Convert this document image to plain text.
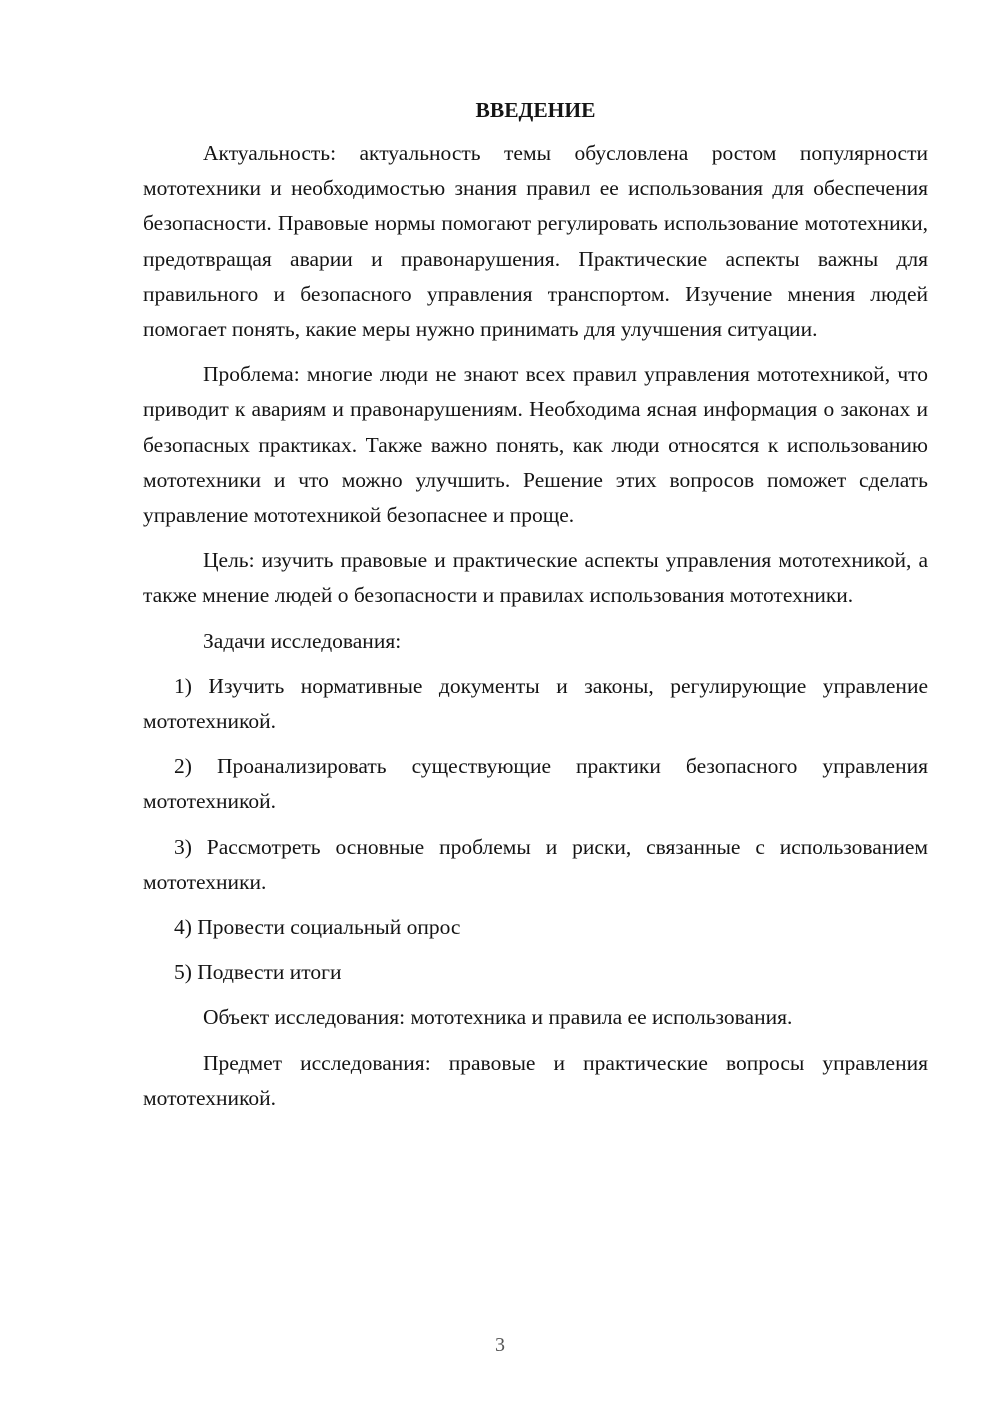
ВВЕДЕНИЕ
Актуальность: актуальность темы обусловлена ростом популярности мототехники и необходимостью знания правил ее использования для обеспечения безопасности. Правовые нормы помогают регулировать использование мототехники, предотвращая аварии и правонарушения. Практические аспекты важны для правильного и безопасного управления транспортом. Изучение мнения людей помогает понять, какие меры нужно принимать для улучшения ситуации.
Проблема: многие люди не знают всех правил управления мототехникой, что приводит к авариям и правонарушениям. Необходима ясная информация о законах и безопасных практиках. Также важно понять, как люди относятся к использованию мототехники и что можно улучшить. Решение этих вопросов поможет сделать управление мототехникой безопаснее и проще.
Цель: изучить правовые и практические аспекты управления мототехникой, а также мнение людей о безопасности и правилах использования мототехники.
Задачи исследования:
1) Изучить нормативные документы и законы, регулирующие управление мототехникой.
2) Проанализировать существующие практики безопасного управления мототехникой.
3) Рассмотреть основные проблемы и риски, связанные с использованием мототехники.
4) Провести социальный опрос
5) Подвести итоги
Объект исследования: мототехника и правила ее использования.
Предмет исследования: правовые и практические вопросы управления мототехникой.
3
